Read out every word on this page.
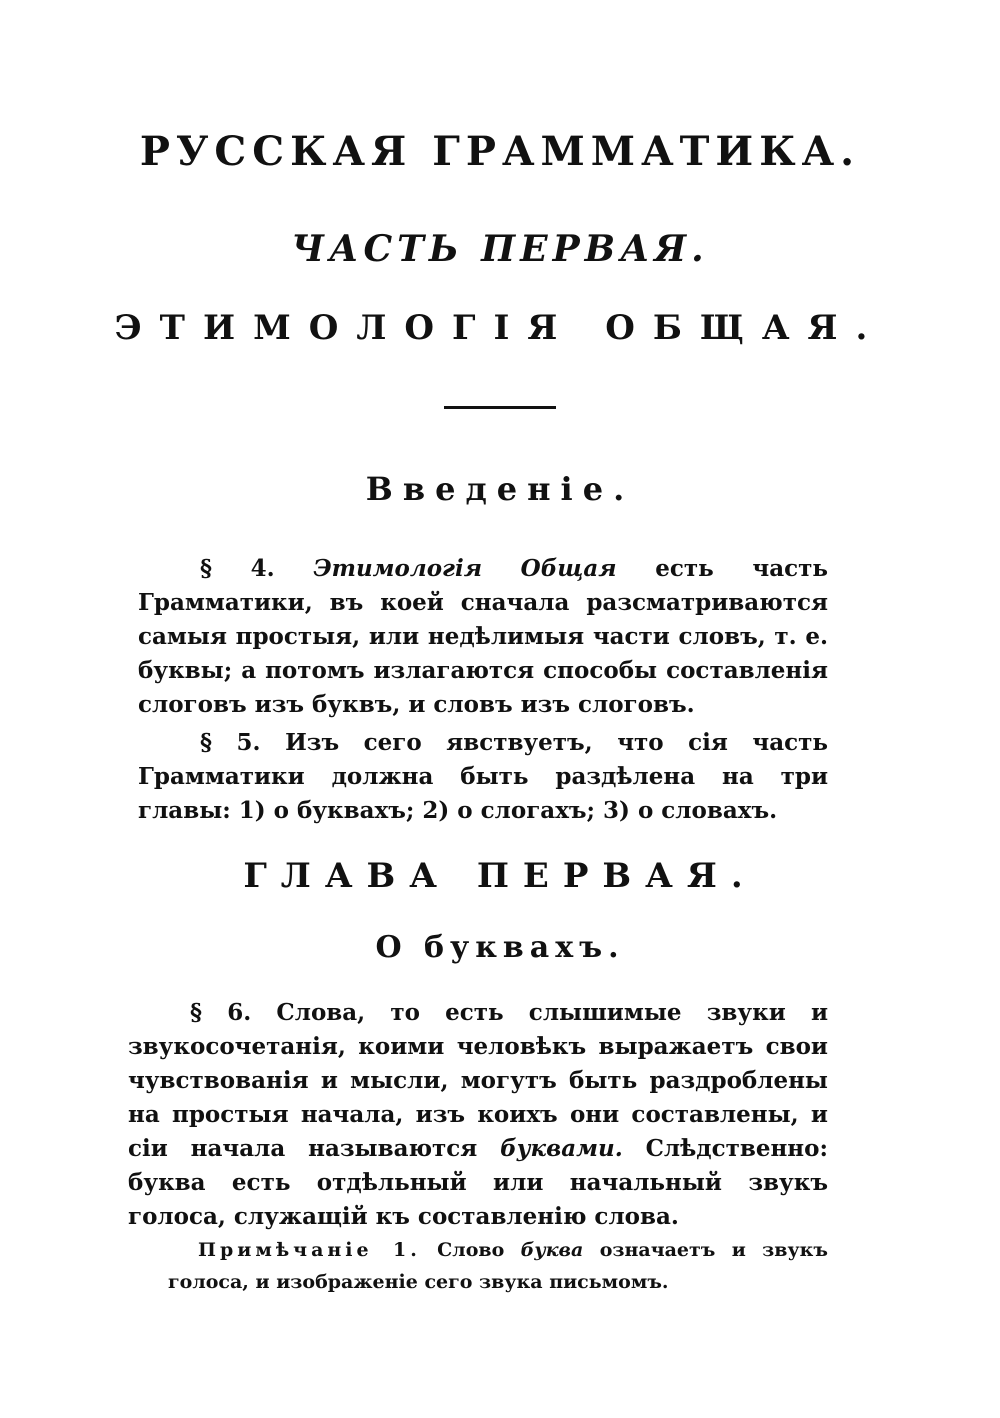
РУССКАЯ ГРАММАТИКА.
ЧАСТЬ ПЕРВАЯ.
ЭТИМОЛОГІЯ ОБЩАЯ.
Введеніе.
§ 4. Этимологія Общая есть часть Грамматики, въ коей сначала разсматриваются самыя простыя, или недѣлимыя части словъ, т. е. буквы; а потомъ излагаются способы составленія слоговъ изъ буквъ, и словъ изъ слоговъ.
§ 5. Изъ сего явствуетъ, что сія часть Грамматики должна быть раздѣлена на три главы: 1) о буквахъ; 2) о слогахъ; 3) о словахъ.
ГЛАВА ПЕРВАЯ.
О буквахъ.
§ 6. Слова, то есть слышимые звуки и звукосочетанія, коими человѣкъ выражаетъ свои чувствованія и мысли, могутъ быть раздроблены на простыя начала, изъ коихъ они составлены, и сіи начала называются буквами. Слѣдственно: буква есть отдѣльный или начальный звукъ голоса, служащій къ составленію слова.
Примѣчаніе 1. Слово буква означаетъ и звукъ голоса, и изображеніе сего звука письмомъ.
